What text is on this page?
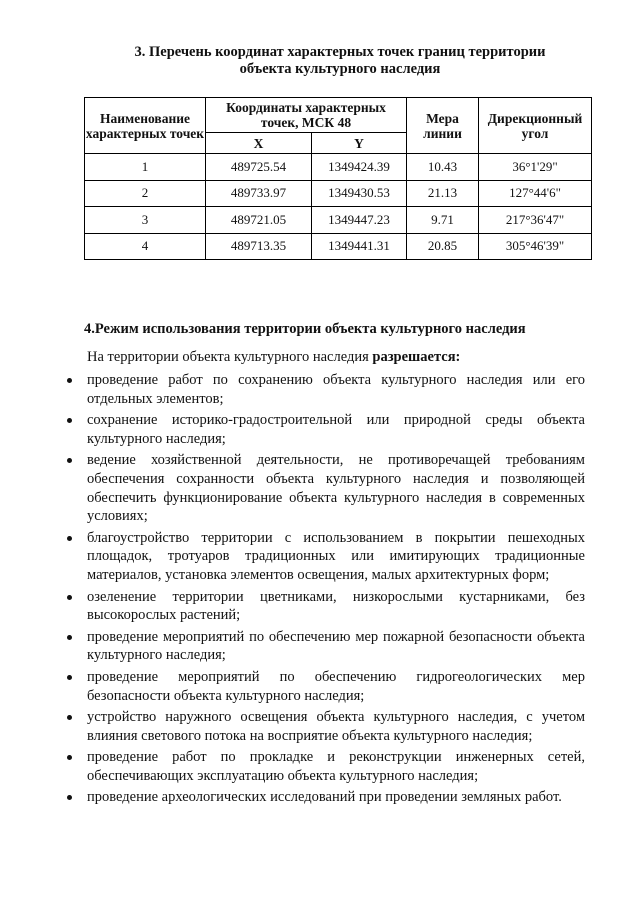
3. Перечень координат характерных точек границ территории
объекта культурного наследия
Наименование характерных точек	Координаты характерных точек, МСК 48		Мера линии	Дирекционный угол
	X	Y		
1	489725.54	1349424.39	10.43	36°1'29"
2	489733.97	1349430.53	21.13	127°44'6"
3	489721.05	1349447.23	9.71	217°36'47"
4	489713.35	1349441.31	20.85	305°46'39"
4.Режим использования территории объекта культурного наследия
На территории объекта культурного наследия разрешается:
проведение работ по сохранению объекта культурного наследия или его отдельных элементов;
сохранение историко-градостроительной или природной среды объекта культурного наследия;
ведение хозяйственной деятельности, не противоречащей требованиям обеспечения сохранности объекта культурного наследия и позволяющей обеспечить функционирование объекта культурного наследия в современных условиях;
благоустройство территории с использованием в покрытии пешеходных площадок, тротуаров традиционных или имитирующих традиционные материалов, установка элементов освещения, малых архитектурных форм;
озеленение территории цветниками, низкорослыми кустарниками, без высокорослых растений;
проведение мероприятий по обеспечению мер пожарной безопасности объекта культурного наследия;
проведение мероприятий по обеспечению гидрогеологических мер безопасности объекта культурного наследия;
устройство наружного освещения объекта культурного наследия, с учетом влияния светового потока на восприятие объекта культурного наследия;
проведение работ по прокладке и реконструкции инженерных сетей, обеспечивающих эксплуатацию объекта культурного наследия;
проведение археологических исследований при проведении земляных работ.
